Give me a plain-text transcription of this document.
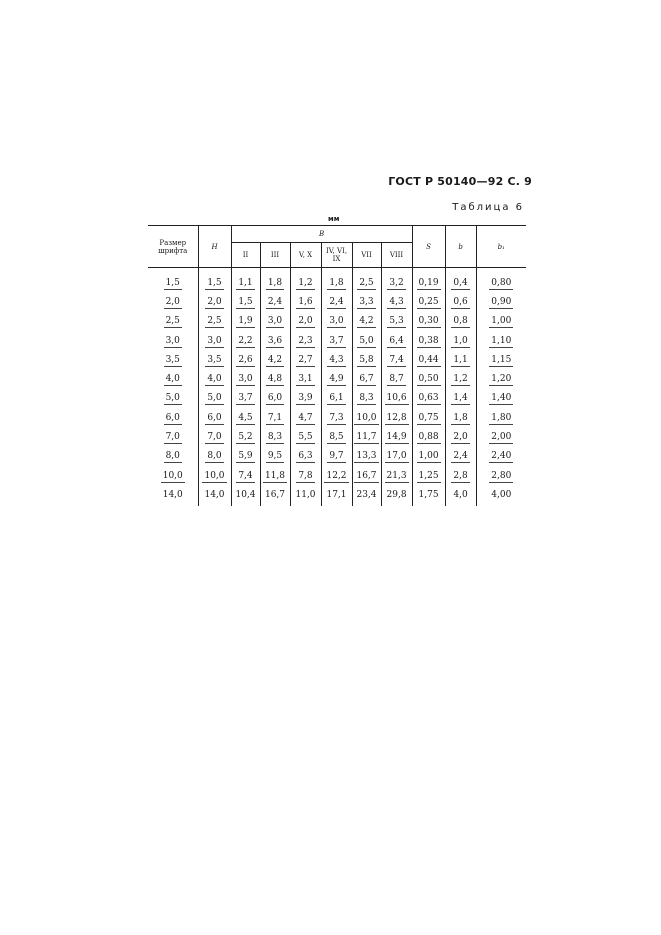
ГОСТ Р 50140—92 С. 9
Таблица 6
мм
Размер шрифта	H	B						S	b	b₁
		II	III	V, X	IV, VI, IX	VII	VIII			
1,5	1,5	1,1	1,8	1,2	1,8	2,5	3,2	0,19	0,4	0,80
2,0	2,0	1,5	2,4	1,6	2,4	3,3	4,3	0,25	0,6	0,90
2,5	2,5	1,9	3,0	2,0	3,0	4,2	5,3	0,30	0,8	1,00
3,0	3,0	2,2	3,6	2,3	3,7	5,0	6,4	0,38	1,0	1,10
3,5	3,5	2,6	4,2	2,7	4,3	5,8	7,4	0,44	1,1	1,15
4,0	4,0	3,0	4,8	3,1	4,9	6,7	8,7	0,50	1,2	1,20
5,0	5,0	3,7	6,0	3,9	6,1	8,3	10,6	0,63	1,4	1,40
6,0	6,0	4,5	7,1	4,7	7,3	10,0	12,8	0,75	1,8	1,80
7,0	7,0	5,2	8,3	5,5	8,5	11,7	14,9	0,88	2,0	2,00
8,0	8,0	5,9	9,5	6,3	9,7	13,3	17,0	1,00	2,4	2,40
10,0	10,0	7,4	11,8	7,8	12,2	16,7	21,3	1,25	2,8	2,80
14,0	14,0	10,4	16,7	11,0	17,1	23,4	29,8	1,75	4,0	4,00
